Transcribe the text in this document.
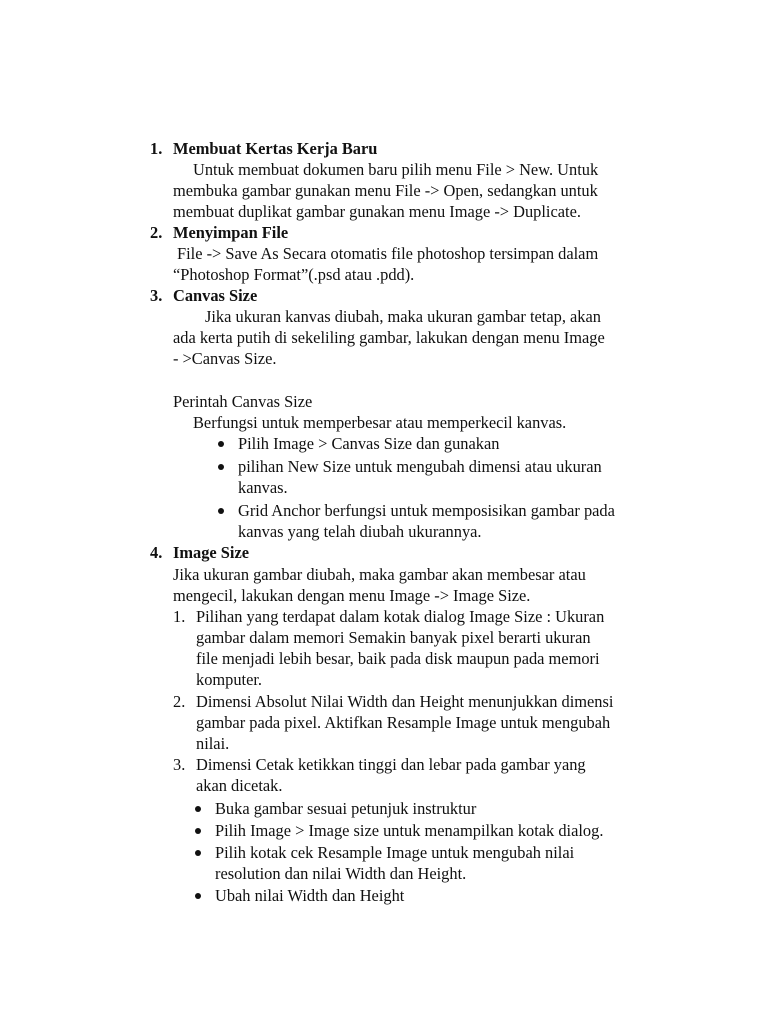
1. Membuat Kertas Kerja Baru
Untuk membuat dokumen baru pilih menu File > New. Untuk
membuka gambar gunakan menu File -> Open, sedangkan untuk
membuat duplikat gambar gunakan menu Image -> Duplicate.
2. Menyimpan File
File -> Save As Secara otomatis file photoshop tersimpan dalam
“Photoshop Format”(.psd atau .pdd).
3. Canvas Size
Jika ukuran kanvas diubah, maka ukuran gambar tetap, akan
ada kerta putih di sekeliling gambar, lakukan dengan menu Image
- >Canvas Size.
Perintah Canvas Size
Berfungsi untuk memperbesar atau memperkecil kanvas.
Pilih Image > Canvas Size dan gunakan
pilihan New Size untuk mengubah dimensi atau ukuran
kanvas.
Grid Anchor berfungsi untuk memposisikan gambar pada
kanvas yang telah diubah ukurannya.
4. Image Size
Jika ukuran gambar diubah, maka gambar akan membesar atau
mengecil, lakukan dengan menu Image -> Image Size.
1. Pilihan yang terdapat dalam kotak dialog Image Size : Ukuran
gambar dalam memori Semakin banyak pixel berarti ukuran
file menjadi lebih besar, baik pada disk maupun pada memori
komputer.
2. Dimensi Absolut Nilai Width dan Height menunjukkan dimensi
gambar pada pixel. Aktifkan Resample Image untuk mengubah
nilai.
3. Dimensi Cetak ketikkan tinggi dan lebar pada gambar yang
akan dicetak.
Buka gambar sesuai petunjuk instruktur
Pilih Image > Image size untuk menampilkan kotak dialog.
Pilih kotak cek Resample Image untuk mengubah nilai
resolution dan nilai Width dan Height.
Ubah nilai Width dan Height
